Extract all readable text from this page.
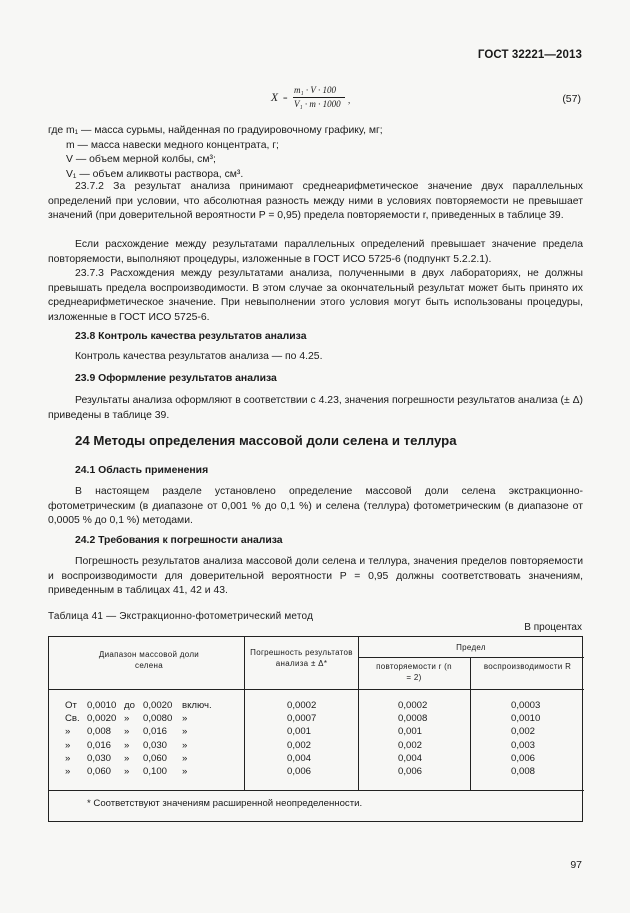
ГОСТ 32221—2013
X =
m₁ · V · 100
V₁ · m · 1000 ,	(57)
где m₁ — масса сурьмы, найденная по градуировочному графику, мг;
m — масса навески медного концентрата, г;
V — объем мерной колбы, см³;
V₁ — объем аликвоты раствора, см³.
23.7.2 За результат анализа принимают среднеарифметическое значение двух параллельных определений при условии, что абсолютная разность между ними в условиях повторяемости не превышает значений (при доверительной вероятности P = 0,95) предела повторяемости r, приведенных в таблице 39.
Если расхождение между результатами параллельных определений превышает значение предела повторяемости, выполняют процедуры, изложенные в ГОСТ ИСО 5725-6 (подпункт 5.2.2.1).
23.7.3 Расхождения между результатами анализа, полученными в двух лабораториях, не должны превышать предела воспроизводимости. В этом случае за окончательный результат может быть принято их среднеарифметическое значение. При невыполнении этого условия могут быть использованы процедуры, изложенные в ГОСТ ИСО 5725-6.
23.8 Контроль качества результатов анализа
Контроль качества результатов анализа — по 4.25.
23.9 Оформление результатов анализа
Результаты анализа оформляют в соответствии с 4.23, значения погрешности результатов анализа (± Δ) приведены в таблице 39.
24 Методы определения массовой доли селена и теллура
24.1 Область применения
В настоящем разделе установлено определение массовой доли селена экстракционно-фотометрическим (в диапазоне от 0,001 % до 0,1 %) и селена (теллура) фотометрическим (в диапазоне от 0,0005 % до 0,1 %) методами.
24.2 Требования к погрешности анализа
Погрешность результатов анализа массовой доли селена и теллура, значения пределов повторяемости и воспроизводимости для доверительной вероятности P = 0,95 должны соответствовать значениям, приведенным в таблицах 41, 42 и 43.
Таблица 41 — Экстракционно-фотометрический метод
В процентах
Диапазон массовой доли селена
Погрешность результатов анализа ± Δ*
Предел
повторяемости r (n = 2)
воспроизводимости R
От 0,0010 до 0,0020 включ.	0,0002	0,0002	0,0003
Св. 0,0020 » 0,0080 »	0,0007	0,0008	0,0010
» 0,008 » 0,016 »	0,001	0,001	0,002
» 0,016 » 0,030 »	0,002	0,002	0,003
» 0,030 » 0,060 »	0,004	0,004	0,006
» 0,060 » 0,100 »	0,006	0,006	0,008
* Соответствуют значениям расширенной неопределенности.
97
